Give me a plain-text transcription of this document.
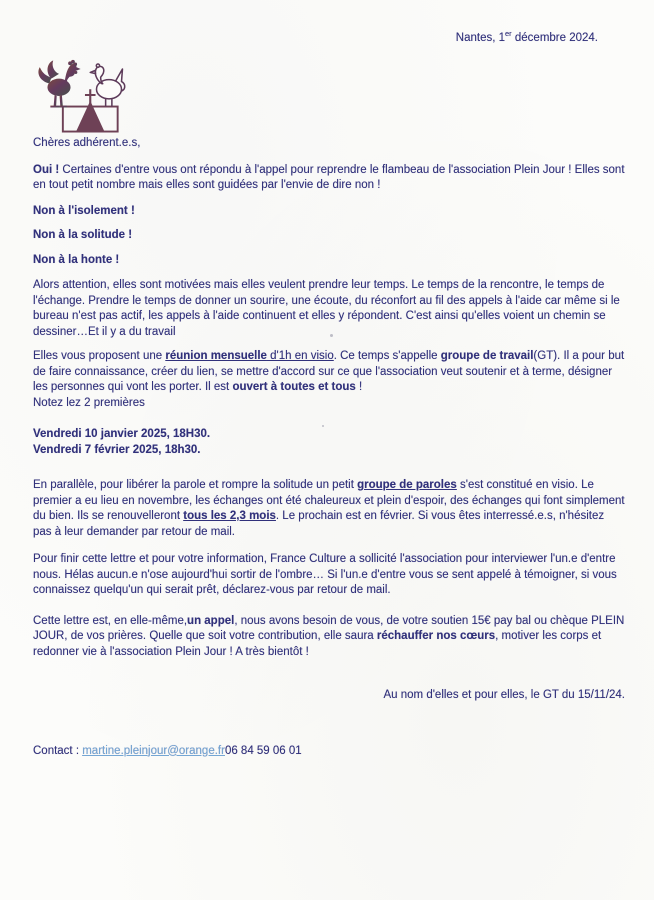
Nantes, 1er décembre 2024.

Chères adhérent.e.s,

Oui ! Certaines d'entre vous ont répondu à l'appel pour reprendre le flambeau de l'association Plein Jour ! Elles sont en tout petit nombre mais elles sont guidées par l'envie de dire non !

Non à l'isolement !

Non à la solitude !

Non à la honte !

Alors attention, elles sont motivées mais elles veulent prendre leur temps. Le temps de la rencontre, le temps de l'échange. Prendre le temps de donner un sourire, une écoute, du réconfort au fil des appels à l'aide car même si le bureau n'est pas actif, les appels à l'aide continuent et elles y répondent. C'est ainsi qu'elles voient un chemin se dessiner…Et il y a du travail

Elles vous proposent une réunion mensuelle d'1h en visio. Ce temps s'appelle groupe de travail(GT). Il a pour but de faire connaissance, créer du lien, se mettre d'accord sur ce que l'association veut soutenir et à terme, désigner les personnes qui vont les porter. Il est ouvert à toutes et tous !
Notez lez 2 premières

Vendredi 10 janvier 2025, 18H30.
Vendredi 7 février 2025, 18h30.

En parallèle, pour libérer la parole et rompre la solitude un petit groupe de paroles s'est constitué en visio. Le premier a eu lieu en novembre, les échanges ont été chaleureux et plein d'espoir, des échanges qui font simplement du bien. Ils se renouvelleront tous les 2,3 mois. Le prochain est en février. Si vous êtes interressé.e.s, n'hésitez pas à leur demander par retour de mail.

Pour finir cette lettre et pour votre information, France Culture a sollicité l'association pour interviewer l'un.e d'entre nous. Hélas aucun.e n'ose aujourd'hui sortir de l'ombre… Si l'un.e d'entre vous se sent appelé à témoigner, si vous connaissez quelqu'un qui serait prêt, déclarez-vous par retour de mail.

Cette lettre est, en elle-même,un appel, nous avons besoin de vous, de votre soutien 15€ pay bal ou chèque PLEIN JOUR, de vos prières. Quelle que soit votre contribution, elle saura réchauffer nos cœurs, motiver les corps et redonner vie à l'association Plein Jour ! A très bientôt !

Au nom d'elles et pour elles, le GT du 15/11/24.

Contact : martine.pleinjour@orange.fr06 84 59 06 01
